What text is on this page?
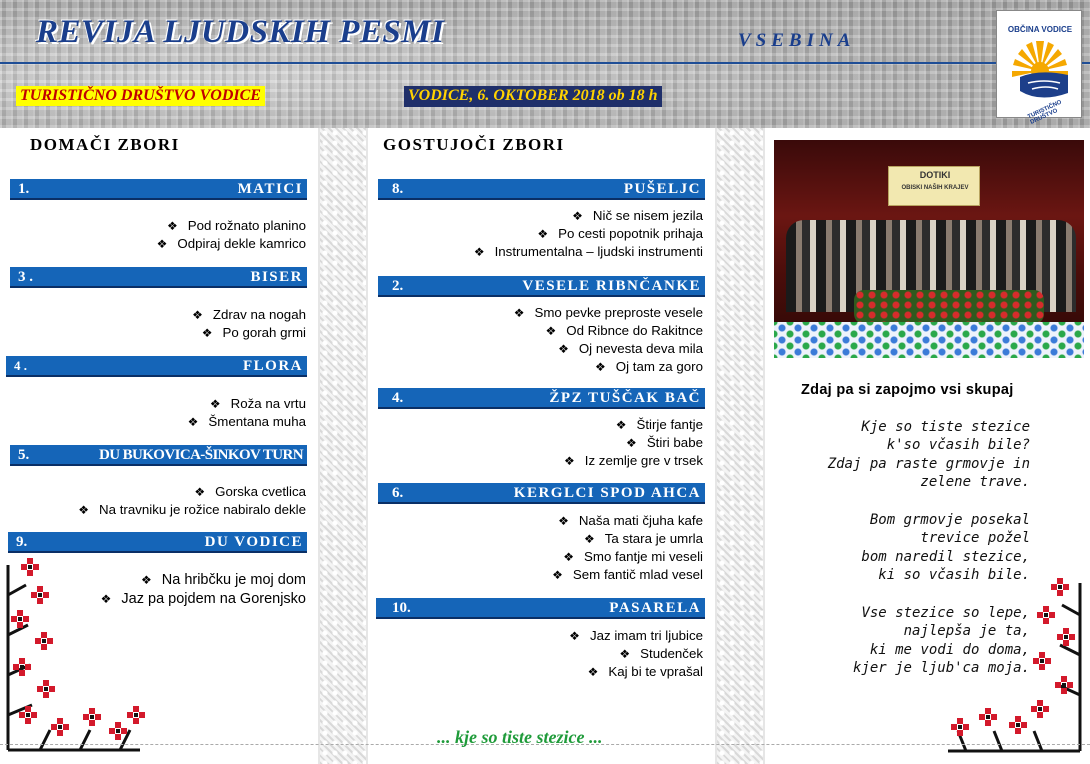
REVIJA LJUDSKIH PESMI	VSEBINA
TURISTIČNO DRUŠTVO VODICE	VODICE, 6. OKTOBER 2018 ob 18 h
OBČINA VODICE
TURISTIČNO DRUŠTVO
DOMAČI ZBORI
1.	MATICI
❖ Pod rožnato planino
❖ Odpiraj dekle kamrico
3 .	BISER
❖ Zdrav na nogah
❖ Po gorah grmi
4 .	FLORA
❖ Roža na vrtu
❖ Šmentana muha
5.	DU BUKOVICA-ŠINKOV TURN
❖ Gorska cvetlica
❖ Na travniku je rožice nabiralo dekle
9.	DU VODICE
❖ Na hribčku je moj dom
❖ Jaz pa pojdem na Gorenjsko
GOSTUJOČI ZBORI
8.	PUŠELJC
❖ Nič se nisem jezila
❖ Po cesti popotnik prihaja
❖ Instrumentalna – ljudski instrumenti
2.	VESELE RIBNČANKE
❖ Smo pevke preproste vesele
❖ Od Ribnce do Rakitnce
❖ Oj nevesta deva mila
❖ Oj tam za goro
4.	ŽPZ TUŠČAK BAČ
❖ Štirje fantje
❖ Štiri babe
❖ Iz zemlje gre v trsek
6.	KERGLCI SPOD AHCA
❖ Naša mati čjuha kafe
❖ Ta stara je umrla
❖ Smo fantje mi veseli
❖ Sem fantič mlad vesel
10.	PASARELA
❖ Jaz imam tri ljubice
❖ Studenček
❖ Kaj bi te vprašal
DOTIKI
OBISKI NAŠIH KRAJEV
Zdaj pa si zapojmo vsi skupaj
Kje so tiste stezice
k'so včasih bile?
Zdaj pa raste grmovje in
zelene trave.
Bom grmovje posekal
trevice požel
bom naredil stezice,
ki so včasih bile.
Vse stezice so lepe,
najlepša je ta,
ki me vodi do doma,
kjer je ljub'ca moja.
... kje so tiste stezice ...
